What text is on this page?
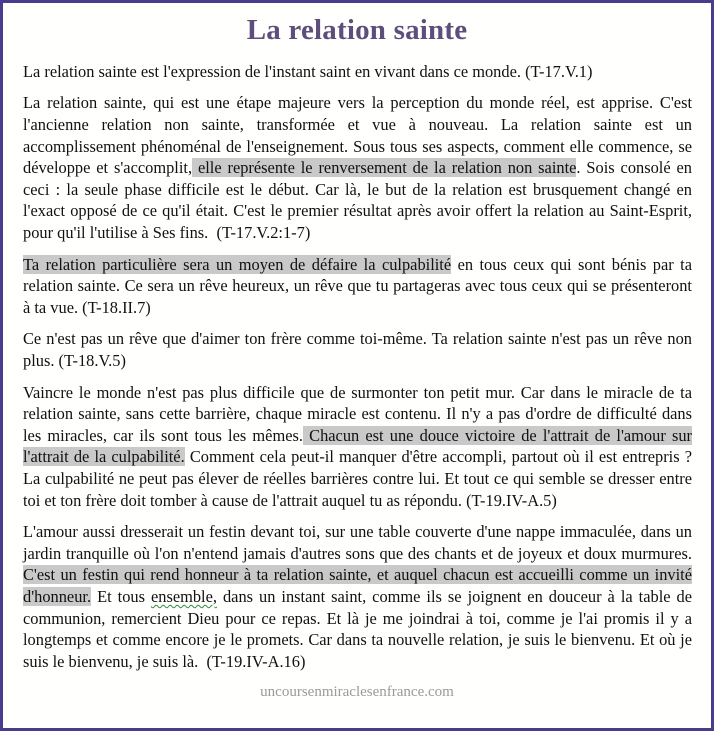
La relation sainte

La relation sainte est l'expression de l'instant saint en vivant dans ce monde. (T-17.V.1)

La relation sainte, qui est une étape majeure vers la perception du monde réel, est apprise. C'est l'ancienne relation non sainte, transformée et vue à nouveau. La relation sainte est un accomplissement phénoménal de l'enseignement. Sous tous ses aspects, comment elle commence, se développe et s'accomplit, elle représente le renversement de la relation non sainte. Sois consolé en ceci : la seule phase difficile est le début. Car là, le but de la relation est brusquement changé en l'exact opposé de ce qu'il était. C'est le premier résultat après avoir offert la relation au Saint-Esprit, pour qu'il l'utilise à Ses fins. (T-17.V.2:1-7)

Ta relation particulière sera un moyen de défaire la culpabilité en tous ceux qui sont bénis par ta relation sainte. Ce sera un rêve heureux, un rêve que tu partageras avec tous ceux qui se présenteront à ta vue. (T-18.II.7)

Ce n'est pas un rêve que d'aimer ton frère comme toi-même. Ta relation sainte n'est pas un rêve non plus. (T-18.V.5)

Vaincre le monde n'est pas plus difficile que de surmonter ton petit mur. Car dans le miracle de ta relation sainte, sans cette barrière, chaque miracle est contenu. Il n'y a pas d'ordre de difficulté dans les miracles, car ils sont tous les mêmes. Chacun est une douce victoire de l'attrait de l'amour sur l'attrait de la culpabilité. Comment cela peut-il manquer d'être accompli, partout où il est entrepris ? La culpabilité ne peut pas élever de réelles barrières contre lui. Et tout ce qui semble se dresser entre toi et ton frère doit tomber à cause de l'attrait auquel tu as répondu. (T-19.IV-A.5)

L'amour aussi dresserait un festin devant toi, sur une table couverte d'une nappe immaculée, dans un jardin tranquille où l'on n'entend jamais d'autres sons que des chants et de joyeux et doux murmures. C'est un festin qui rend honneur à ta relation sainte, et auquel chacun est accueilli comme un invité d'honneur. Et tous ensemble, dans un instant saint, comme ils se joignent en douceur à la table de communion, remercient Dieu pour ce repas. Et là je me joindrai à toi, comme je l'ai promis il y a longtemps et comme encore je le promets. Car dans ta nouvelle relation, je suis le bienvenu. Et où je suis le bienvenu, je suis là. (T-19.IV-A.16)

uncoursenmiraclesenfrance.com
